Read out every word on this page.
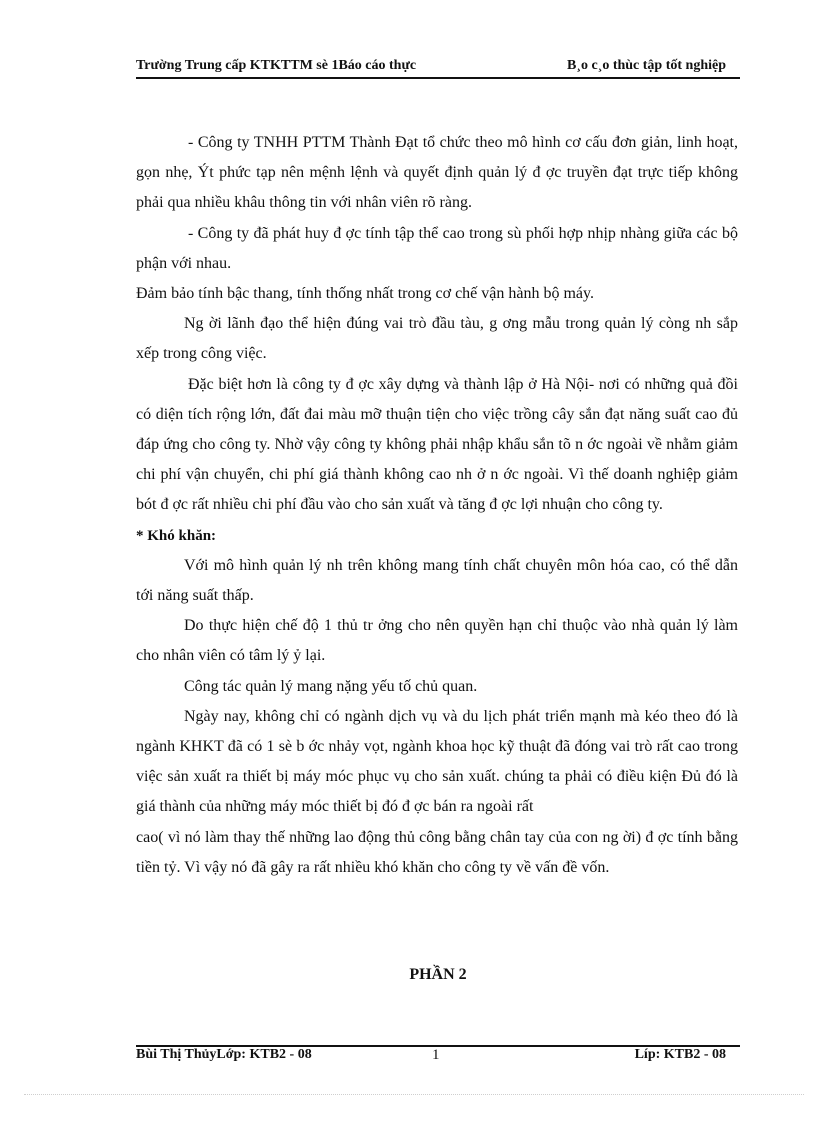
Trường Trung cấp KTKTTM sè 1Báo cáo thực	B¸o c¸o thùc tập tốt nghiệp

- Công ty TNHH PTTM Thành Đạt tổ chức theo mô hình cơ cấu đơn giản, linh hoạt, gọn nhẹ, Ýt phức tạp nên mệnh lệnh và quyết định quản lý đ ợc truyền đạt trực tiếp không phải qua nhiều khâu thông tin với nhân viên rõ ràng.

- Công ty đã phát huy đ ợc tính tập thể cao trong sù phối hợp nhịp nhàng giữa các bộ phận với nhau.

Đảm bảo tính bậc thang, tính thống nhất trong cơ chế vận hành bộ máy.

Ng ời lãnh đạo thể hiện đúng vai trò đầu tàu, g ơng mẫu trong quản lý còng nh sắp xếp trong công việc.

Đặc biệt hơn là công ty đ ợc xây dựng và thành lập ở Hà Nội- nơi có những quả đồi có diện tích rộng lớn, đất đai màu mỡ thuận tiện cho việc trồng cây sắn đạt năng suất cao đủ đáp ứng cho công ty. Nhờ vậy công ty không phải nhập khẩu sắn tõ n ớc ngoài về nhằm giảm chi phí vận chuyển, chi phí giá thành không cao nh ở n ớc ngoài. Vì thế doanh nghiệp giảm bót đ ợc rất nhiều chi phí đầu vào cho sản xuất và tăng đ ợc lợi nhuận cho công ty.

* Khó khăn:

Với mô hình quản lý nh trên không mang tính chất chuyên môn hóa cao, có thể dẫn tới năng suất thấp.

Do thực hiện chế độ 1 thủ tr ởng cho nên quyền hạn chỉ thuộc vào nhà quản lý làm cho nhân viên có tâm lý ỷ lại.

Công tác quản lý mang nặng yếu tố chủ quan.

Ngày nay, không chỉ có ngành dịch vụ và du lịch phát triển mạnh mà kéo theo đó là ngành KHKT đã có 1 sè b ớc nhảy vọt, ngành khoa học kỹ thuật đã đóng vai trò rất cao trong việc sản xuất ra thiết bị máy móc phục vụ cho sản xuất. chúng ta phải có điều kiện Đủ đó là giá thành của những máy móc thiết bị đó đ ợc bán ra ngoài rất

cao( vì nó làm thay thế những lao động thủ công bằng chân tay của con ng ời) đ ợc tính bằng tiền tỷ. Vì vậy nó đã gây ra rất nhiều khó khăn cho công ty về vấn đề vốn.

PHẦN 2
Bùi Thị ThủyLớp: KTB2 - 08	1	Líp: KTB2 - 08
